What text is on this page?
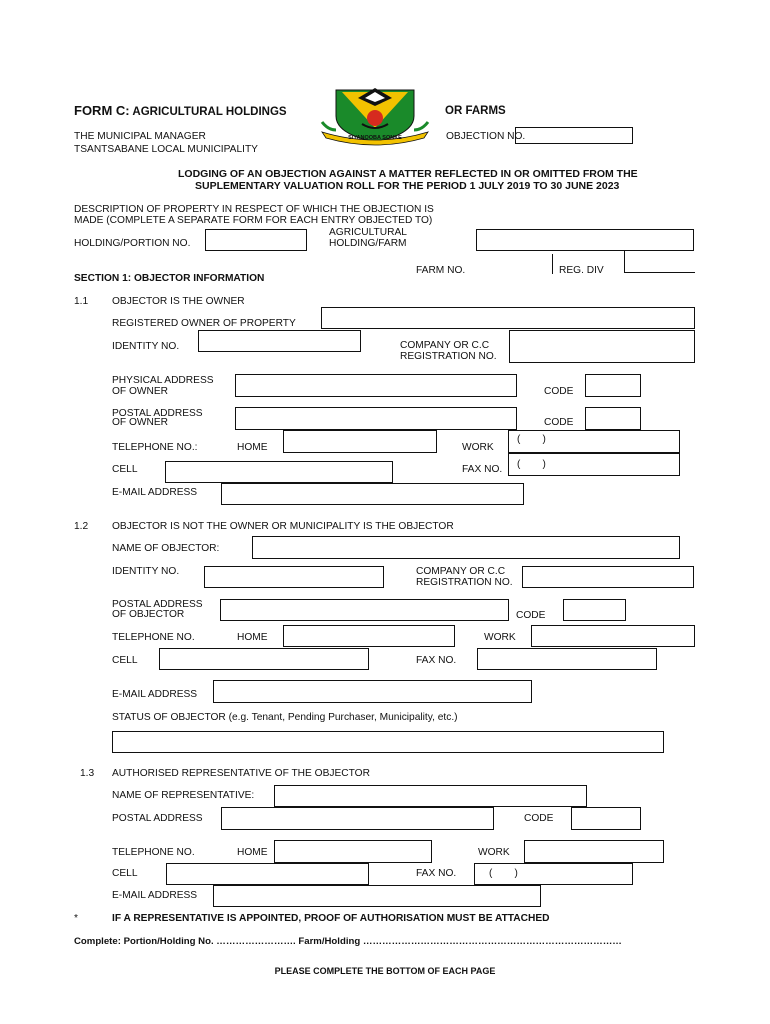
FORM C: AGRICULTURAL HOLDINGS	OR FARMS
SIYANQOBA SONKE
THE MUNICIPAL MANAGER
TSANTSABANE LOCAL MUNICIPALITY
OBJECTION NO.
LODGING OF AN OBJECTION AGAINST A MATTER REFLECTED IN OR OMITTED FROM THE
SUPLEMENTARY VALUATION ROLL FOR THE PERIOD 1 JULY 2019 TO 30 JUNE 2023
DESCRIPTION OF PROPERTY IN RESPECT OF WHICH THE OBJECTION IS
MADE (COMPLETE A SEPARATE FORM FOR EACH ENTRY OBJECTED TO)
HOLDING/PORTION NO.
AGRICULTURAL
HOLDING/FARM
FARM NO.	REG. DIV
SECTION 1: OBJECTOR INFORMATION
1.1 OBJECTOR IS THE OWNER
REGISTERED OWNER OF PROPERTY
IDENTITY NO.	COMPANY OR C.C
REGISTRATION NO.
PHYSICAL ADDRESS
OF OWNER	CODE
POSTAL ADDRESS
OF OWNER	CODE
TELEPHONE NO.:	HOME	WORK
(        )
CELL	FAX NO. (        )
E-MAIL ADDRESS
1.2 OBJECTOR IS NOT THE OWNER OR MUNICIPALITY IS THE OBJECTOR
NAME OF OBJECTOR:
IDENTITY NO.	COMPANY OR C.C
REGISTRATION NO.
POSTAL ADDRESS
OF OBJECTOR	CODE
TELEPHONE NO.	HOME	WORK
CELL	FAX NO.
E-MAIL ADDRESS
STATUS OF OBJECTOR (e.g. Tenant, Pending Purchaser, Municipality, etc.)
1.3 AUTHORISED REPRESENTATIVE OF THE OBJECTOR
NAME OF REPRESENTATIVE:
POSTAL ADDRESS	CODE
TELEPHONE NO.	HOME	WORK
CELL	FAX NO.	(        )
E-MAIL ADDRESS
*	IF A REPRESENTATIVE IS APPOINTED, PROOF OF AUTHORISATION MUST BE ATTACHED
Complete: Portion/Holding No. ……………………. Farm/Holding ………………………………………………………………………
PLEASE COMPLETE THE BOTTOM OF EACH PAGE
